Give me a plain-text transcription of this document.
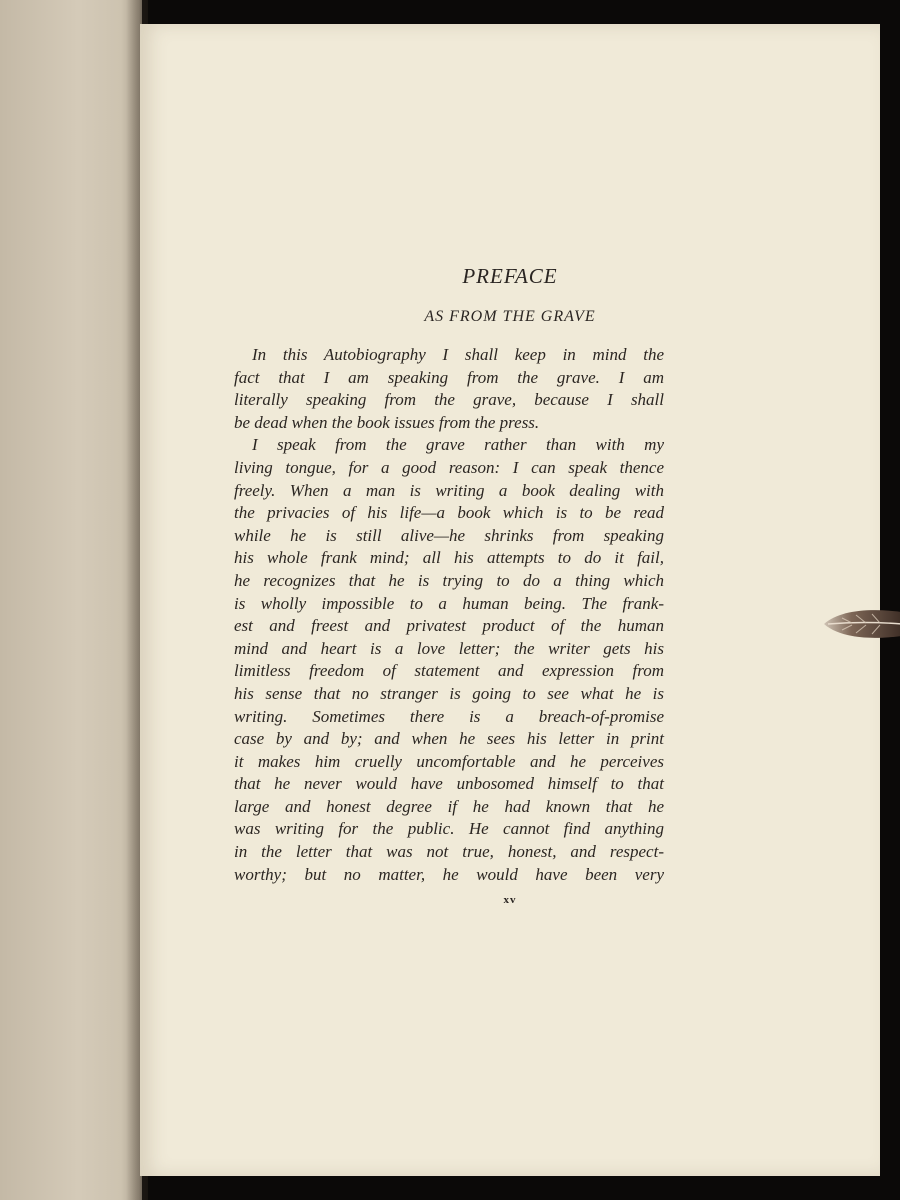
PREFACE
AS FROM THE GRAVE
In this Autobiography I shall keep in mind the
fact that I am speaking from the grave. I am
literally speaking from the grave, because I shall
be dead when the book issues from the press.
I speak from the grave rather than with my
living tongue, for a good reason: I can speak thence
freely. When a man is writing a book dealing with
the privacies of his life—a book which is to be read
while he is still alive—he shrinks from speaking
his whole frank mind; all his attempts to do it fail,
he recognizes that he is trying to do a thing which
is wholly impossible to a human being. The frank-
est and freest and privatest product of the human
mind and heart is a love letter; the writer gets his
limitless freedom of statement and expression from
his sense that no stranger is going to see what he is
writing. Sometimes there is a breach-of-promise
case by and by; and when he sees his letter in print
it makes him cruelly uncomfortable and he perceives
that he never would have unbosomed himself to that
large and honest degree if he had known that he
was writing for the public. He cannot find anything
in the letter that was not true, honest, and respect-
worthy; but no matter, he would have been very
xv
